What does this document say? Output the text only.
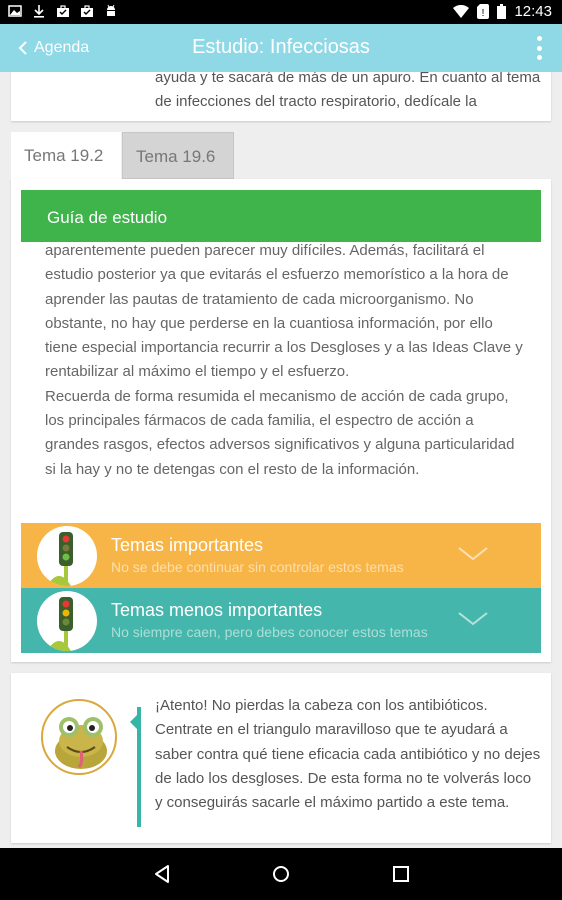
! 12:43
Estudio: Infecciosas
Agenda

ayuda y te sacará de más de un apuro. En cuanto al tema de infecciones del tracto respiratorio, dedícale la

Tema 19.2	Tema 19.6
Guía de estudio

aparentemente pueden parecer muy difíciles. Además, facilitará el estudio posterior ya que evitarás el esfuerzo memorístico a la hora de aprender las pautas de tratamiento de cada microorganismo. No obstante, no hay que perderse en la cuantiosa información, por ello tiene especial importancia recurrir a los Desgloses y a las Ideas Clave y rentabilizar al máximo el tiempo y el esfuerzo.

Recuerda de forma resumida el mecanismo de acción de cada grupo, los principales fármacos de cada familia, el espectro de acción a grandes rasgos, efectos adversos significativos y alguna particularidad si la hay y no te detengas con el resto de la información.

Temas importantes
No se debe continuar sin controlar estos temas
Temas menos importantes
No siempre caen, pero debes conocer estos temas

¡Atento! No pierdas la cabeza con los antibióticos. Centrate en el triangulo maravilloso que te ayudará a saber contra qué tiene eficacia cada antibiótico y no dejes de lado los desgloses. De esta forma no te volverás loco y conseguirás sacarle el máximo partido a este tema.
